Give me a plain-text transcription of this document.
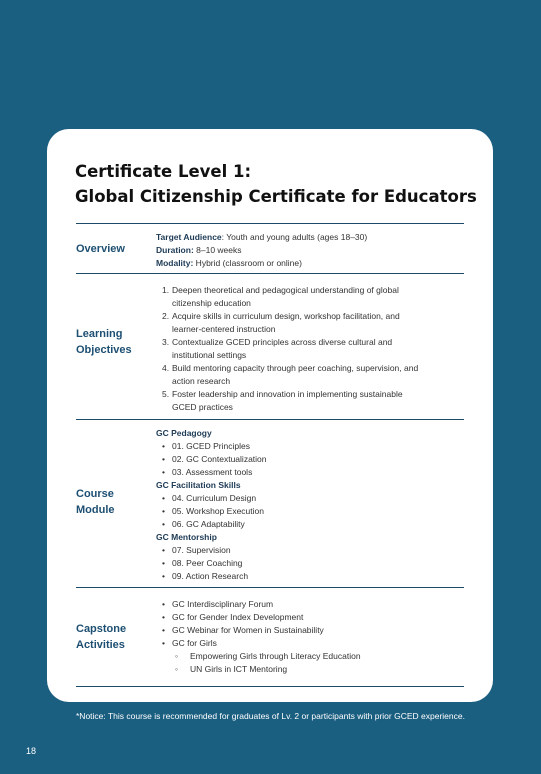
Certificate Level 1:
Global Citizenship Certificate for Educators
Overview
Target Audience: Youth and young adults (ages 18–30)
Duration: 8–10 weeks
Modality: Hybrid (classroom or online)
Learning
Objectives
1. Deepen theoretical and pedagogical understanding of global
citizenship education
2. Acquire skills in curriculum design, workshop facilitation, and
learner-centered instruction
3. Contextualize GCED principles across diverse cultural and
institutional settings
4. Build mentoring capacity through peer coaching, supervision, and
action research
5. Foster leadership and innovation in implementing sustainable
GCED practices
Course
Module
GC Pedagogy
• 01. GCED Principles
• 02. GC Contextualization
• 03. Assessment tools
GC Facilitation Skills
• 04. Curriculum Design
• 05. Workshop Execution
• 06. GC Adaptability
GC Mentorship
• 07. Supervision
• 08. Peer Coaching
• 09. Action Research
Capstone
Activities
• GC Interdisciplinary Forum
• GC for Gender Index Development
• GC Webinar for Women in Sustainability
• GC for Girls
◦ Empowering Girls through Literacy Education
◦ UN Girls in ICT Mentoring
*Notice: This course is recommended for graduates of Lv. 2 or participants with prior GCED experience.
18
